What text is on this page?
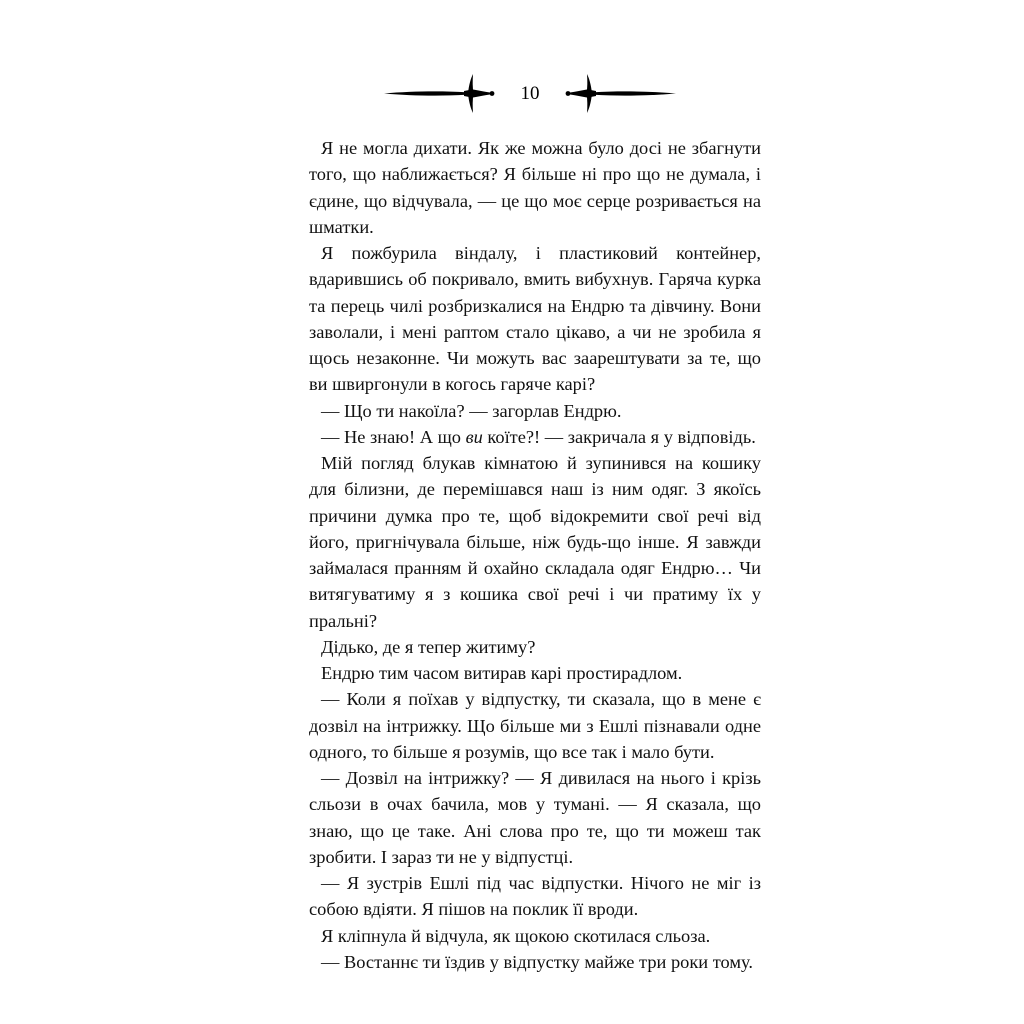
10

Я не могла дихати. Як же можна було досі не збагнути того, що наближається? Я більше ні про що не думала, і єдине, що відчувала, — це що моє серце розривається на шматки.

Я пожбурила віндалу, і пластиковий контейнер, вдарившись об покривало, вмить вибухнув. Гаряча курка та перець чилі розбризкалися на Ендрю та дівчину. Вони заволали, і мені раптом стало цікаво, а чи не зробила я щось незаконне. Чи можуть вас заарештувати за те, що ви швиргонули в когось гаряче карі?

— Що ти накоїла? — загорлав Ендрю.

— Не знаю! А що ви коїте?! — закричала я у відповідь.

Мій погляд блукав кімнатою й зупинився на кошику для білизни, де перемішався наш із ним одяг. З якоїсь причини думка про те, щоб відокремити свої речі від його, пригнічувала більше, ніж будь-що інше. Я завжди займалася пранням й охайно складала одяг Ендрю… Чи витягуватиму я з кошика свої речі і чи пратиму їх у пральні?

Дідько, де я тепер житиму?

Ендрю тим часом витирав карі простирадлом.

— Коли я поїхав у відпустку, ти сказала, що в мене є дозвіл на інтрижку. Що більше ми з Ешлі пізнавали одне одного, то більше я розумів, що все так і мало бути.

— Дозвіл на інтрижку? — Я дивилася на нього і крізь сльози в очах бачила, мов у тумані. — Я сказала, що знаю, що це таке. Ані слова про те, що ти можеш так зробити. І зараз ти не у відпустці.

— Я зустрів Ешлі під час відпустки. Нічого не міг із собою вдіяти. Я пішов на поклик її вроди.

Я кліпнула й відчула, як щокою скотилася сльоза.

— Востаннє ти їздив у відпустку майже три роки тому.
